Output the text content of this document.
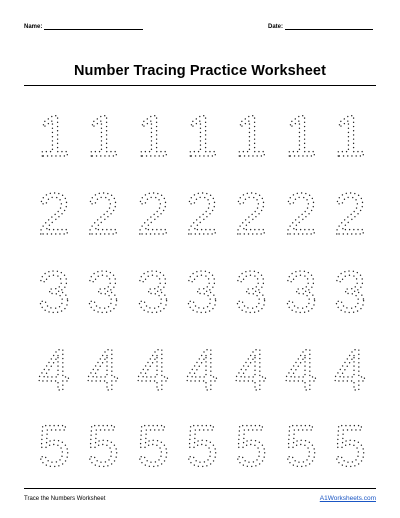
Name:	Date:
Number Tracing Practice Worksheet
1 1 1 1 1 1 1
2 2 2 2 2 2 2
3 3 3 3 3 3 3
4 4 4 4 4 4 4
5 5 5 5 5 5 5
Trace the Numbers Worksheet	A1Worksheets.com
